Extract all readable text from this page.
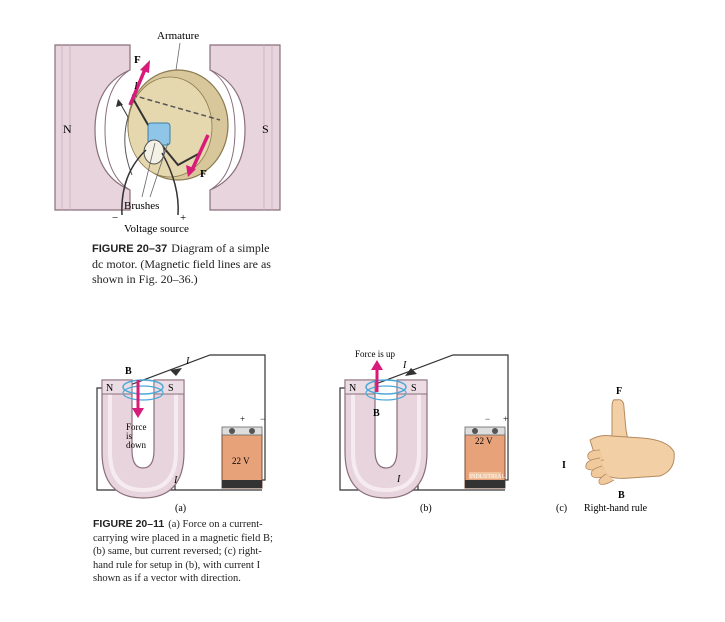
Armature
N	S
F
F
I
Brushes
−	+
Voltage source
FIGURE 20–37 Diagram of a simple dc motor. (Magnetic field lines are as shown in Fig. 20–36.)
B
N	S
I
I
Force
is
down
22 V
+ −
(a)
Force is up
B
N	S
I
I
22 V
INDUSTRIAL
− +
(b)
F
I
B
(c) Right-hand rule
FIGURE 20–11 (a) Force on a current-carrying wire placed in a magnetic field B; (b) same, but current reversed; (c) right-hand rule for setup in (b), with current I shown as if a vector with direction.
